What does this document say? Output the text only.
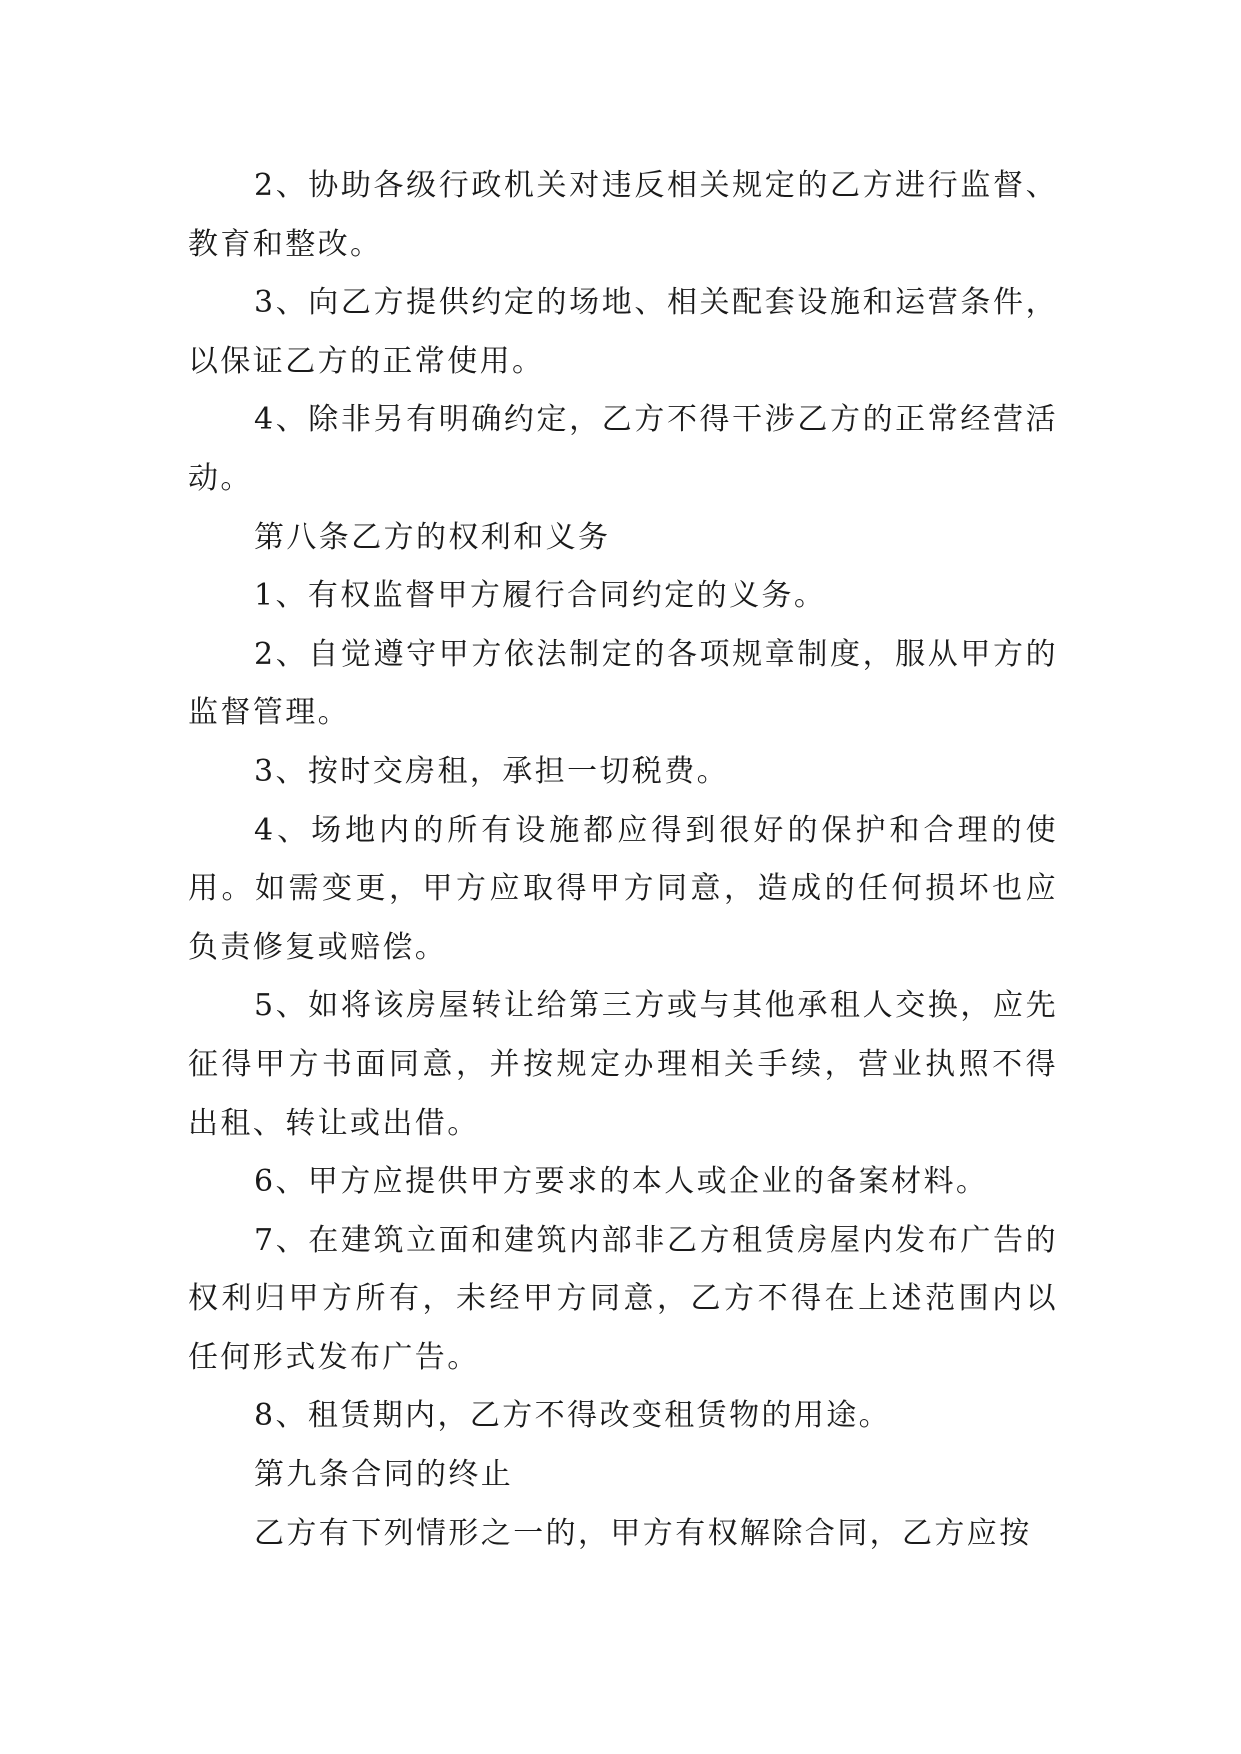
2、协助各级行政机关对违反相关规定的乙方进行监督、教育和整改。

3、向乙方提供约定的场地、相关配套设施和运营条件，以保证乙方的正常使用。

4、除非另有明确约定，乙方不得干涉乙方的正常经营活动。

第八条乙方的权利和义务

1、有权监督甲方履行合同约定的义务。

2、自觉遵守甲方依法制定的各项规章制度，服从甲方的监督管理。

3、按时交房租，承担一切税费。

4、场地内的所有设施都应得到很好的保护和合理的使用。如需变更，甲方应取得甲方同意，造成的任何损坏也应负责修复或赔偿。

5、如将该房屋转让给第三方或与其他承租人交换，应先征得甲方书面同意，并按规定办理相关手续，营业执照不得出租、转让或出借。

6、甲方应提供甲方要求的本人或企业的备案材料。

7、在建筑立面和建筑内部非乙方租赁房屋内发布广告的权利归甲方所有，未经甲方同意，乙方不得在上述范围内以任何形式发布广告。

8、租赁期内，乙方不得改变租赁物的用途。

第九条合同的终止

乙方有下列情形之一的，甲方有权解除合同，乙方应按
